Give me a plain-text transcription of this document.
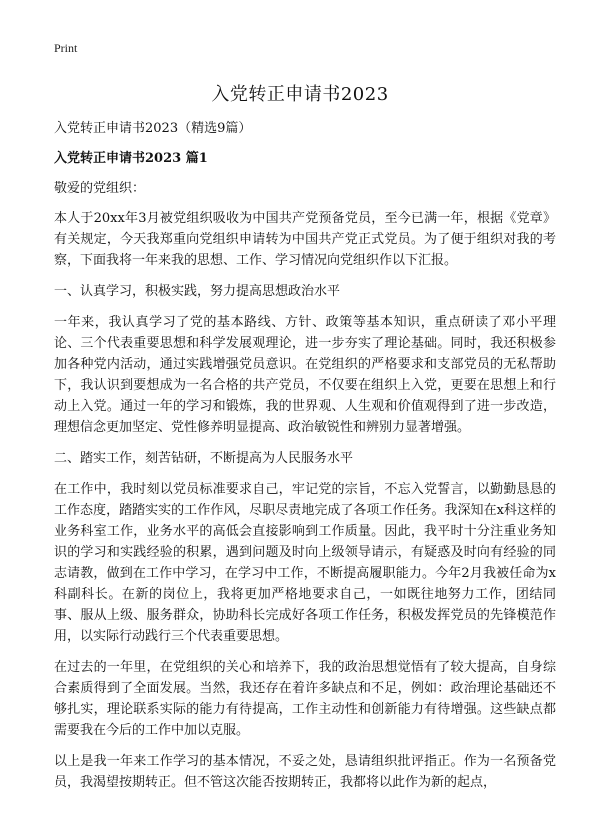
Print
入党转正申请书2023

入党转正申请书2023（精选9篇）

入党转正申请书2023 篇1

敬爱的党组织：

本人于20xx年3月被党组织吸收为中国共产党预备党员，至今已满一年，根据《党章》有关规定，今天我郑重向党组织申请转为中国共产党正式党员。为了便于组织对我的考察，下面我将一年来我的思想、工作、学习情况向党组织作以下汇报。

一、认真学习，积极实践，努力提高思想政治水平

一年来，我认真学习了党的基本路线、方针、政策等基本知识，重点研读了邓小平理论、三个代表重要思想和科学发展观理论，进一步夯实了理论基础。同时，我还积极参加各种党内活动，通过实践增强党员意识。在党组织的严格要求和支部党员的无私帮助下，我认识到要想成为一名合格的共产党员，不仅要在组织上入党，更要在思想上和行动上入党。通过一年的学习和锻炼，我的世界观、人生观和价值观得到了进一步改造，理想信念更加坚定、党性修养明显提高、政治敏锐性和辨别力显著增强。

二、踏实工作，刻苦钻研，不断提高为人民服务水平

在工作中，我时刻以党员标准要求自己，牢记党的宗旨，不忘入党誓言，以勤勤恳恳的工作态度，踏踏实实的工作作风，尽职尽责地完成了各项工作任务。我深知在x科这样的业务科室工作，业务水平的高低会直接影响到工作质量。因此，我平时十分注重业务知识的学习和实践经验的积累，遇到问题及时向上级领导请示，有疑惑及时向有经验的同志请教，做到在工作中学习，在学习中工作，不断提高履职能力。今年2月我被任命为x科副科长。在新的岗位上，我将更加严格地要求自己，一如既往地努力工作，团结同事、服从上级、服务群众，协助科长完成好各项工作任务，积极发挥党员的先锋模范作用，以实际行动践行三个代表重要思想。

在过去的一年里，在党组织的关心和培养下，我的政治思想觉悟有了较大提高，自身综合素质得到了全面发展。当然，我还存在着许多缺点和不足，例如：政治理论基础还不够扎实，理论联系实际的能力有待提高，工作主动性和创新能力有待增强。这些缺点都需要我在今后的工作中加以克服。

以上是我一年来工作学习的基本情况，不妥之处，恳请组织批评指正。作为一名预备党员，我渴望按期转正。但不管这次能否按期转正，我都将以此作为新的起点，
